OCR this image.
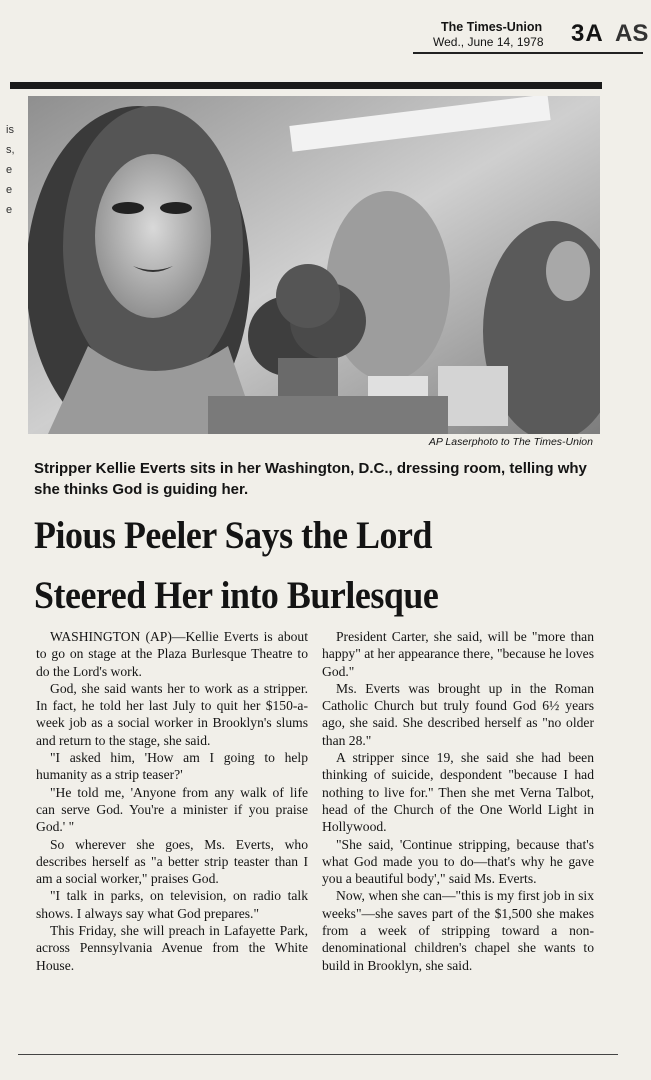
The Times-Union
Wed., June 14, 1978 3A AS
is
s,
e
e
e
AP Laserphoto to The Times-Union
Stripper Kellie Everts sits in her Washington, D.C., dressing room, telling why she thinks God is guiding her.
Pious Peeler Says the Lord
Steered Her into Burlesque

WASHINGTON (AP)—Kellie Everts is about to go on stage at the Plaza Burlesque Theatre to do the Lord's work.

God, she said wants her to work as a stripper. In fact, he told her last July to quit her $150-a-week job as a social worker in Brooklyn's slums and return to the stage, she said.

"I asked him, 'How am I going to help humanity as a strip teaser?'

"He told me, 'Anyone from any walk of life can serve God. You're a minister if you praise God.' "

So wherever she goes, Ms. Everts, who describes herself as "a better strip teaster than I am a social worker," praises God.

"I talk in parks, on television, on radio talk shows. I always say what God prepares."

This Friday, she will preach in Lafayette Park, across Pennsylvania Avenue from the White House.

President Carter, she said, will be "more than happy" at her appearance there, "because he loves God."

Ms. Everts was brought up in the Roman Catholic Church but truly found God 6½ years ago, she said. She described herself as "no older than 28."

A stripper since 19, she said she had been thinking of suicide, despondent "because I had nothing to live for." Then she met Verna Talbot, head of the Church of the One World Light in Hollywood.

"She said, 'Continue stripping, because that's what God made you to do—that's why he gave you a beautiful body'," said Ms. Everts.

Now, when she can—"this is my first job in six weeks"—she saves part of the $1,500 she makes from a week of stripping toward a non-denominational children's chapel she wants to build in Brooklyn, she said.
